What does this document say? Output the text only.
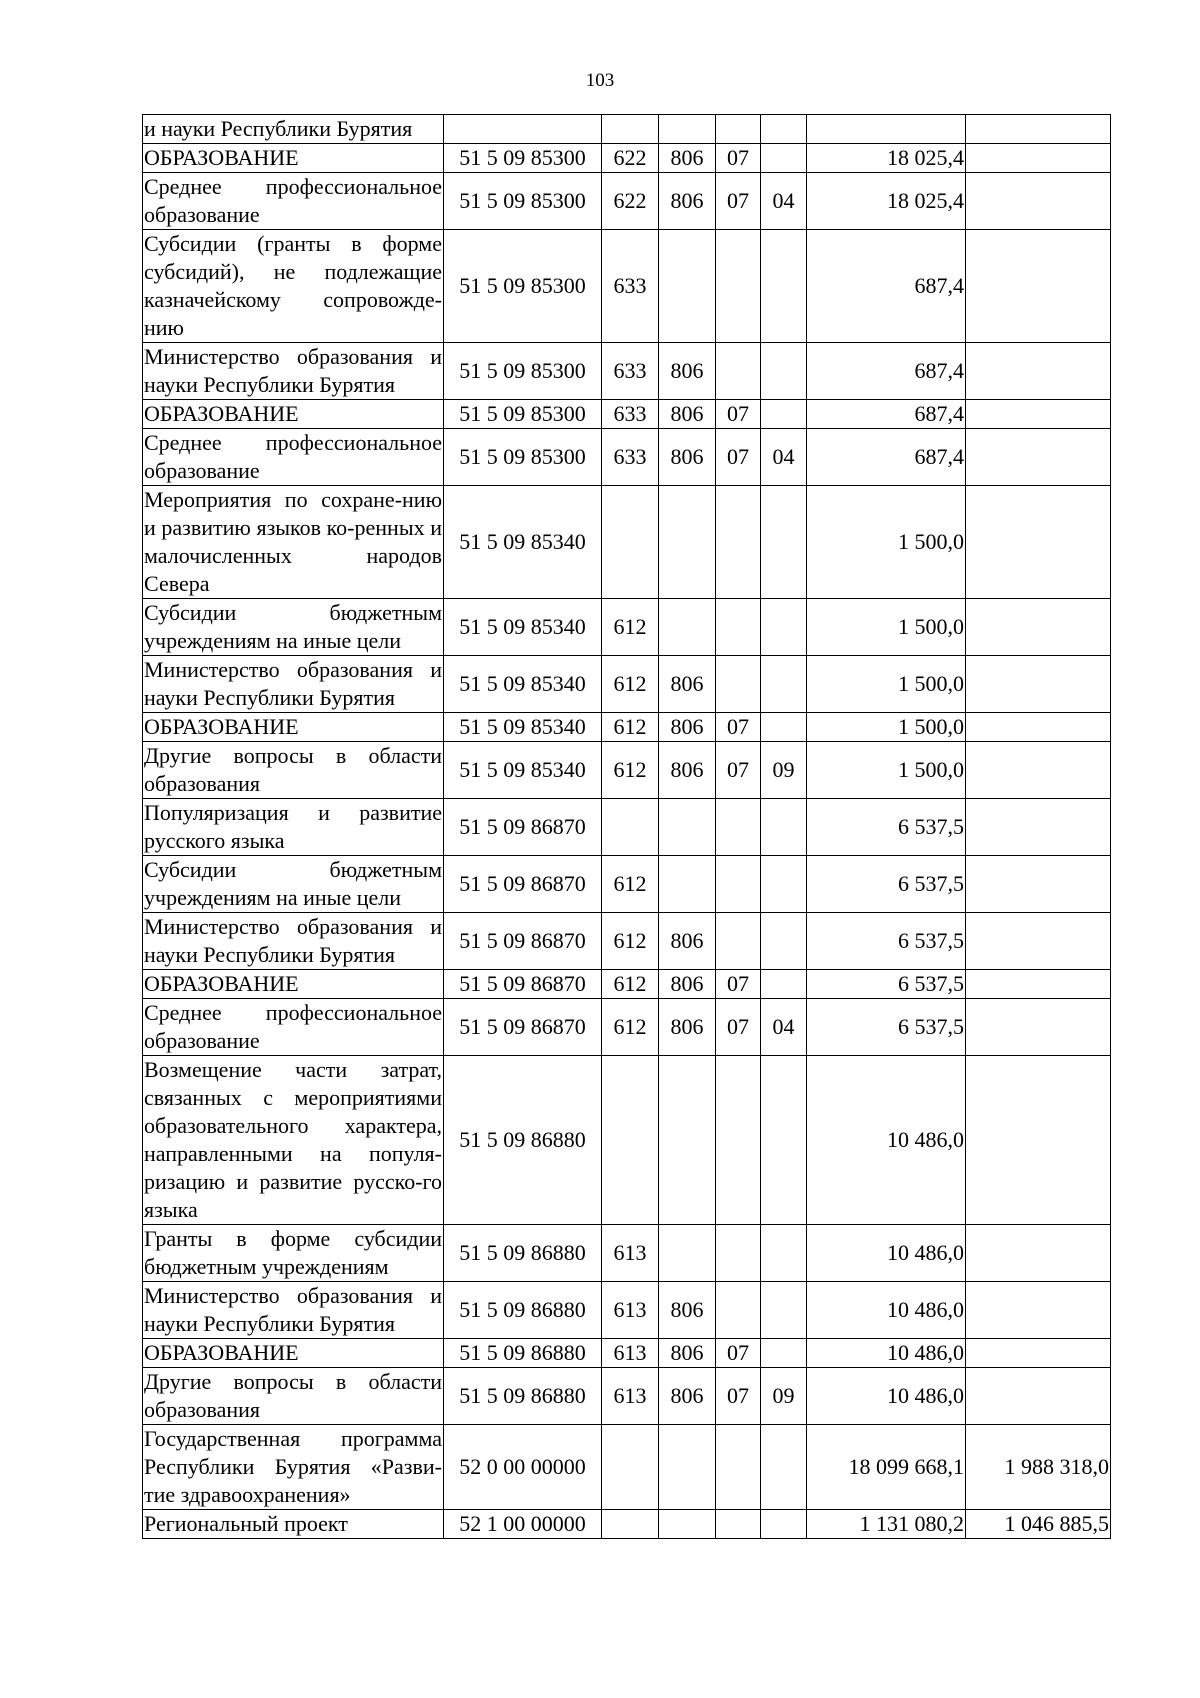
103
и науки Республики Бурятия							
ОБРАЗОВАНИЕ	51 5 09 85300	622	806	07		18 025,4	
Среднее профессиональное образование	51 5 09 85300	622	806	07	04	18 025,4	
Субсидии (гранты в форме субсидий), не подлежащие казначейскому сопровожде-нию	51 5 09 85300	633				687,4	
Министерство образования и науки Республики Бурятия	51 5 09 85300	633	806			687,4	
ОБРАЗОВАНИЕ	51 5 09 85300	633	806	07		687,4	
Среднее профессиональное образование	51 5 09 85300	633	806	07	04	687,4	
Мероприятия по сохране-нию и развитию языков ко-ренных и малочисленных народов Севера	51 5 09 85340					1 500,0	
Субсидии бюджетным учреждениям на иные цели	51 5 09 85340	612				1 500,0	
Министерство образования и науки Республики Бурятия	51 5 09 85340	612	806			1 500,0	
ОБРАЗОВАНИЕ	51 5 09 85340	612	806	07		1 500,0	
Другие вопросы в области образования	51 5 09 85340	612	806	07	09	1 500,0	
Популяризация и развитие русского языка	51 5 09 86870					6 537,5	
Субсидии бюджетным учреждениям на иные цели	51 5 09 86870	612				6 537,5	
Министерство образования и науки Республики Бурятия	51 5 09 86870	612	806			6 537,5	
ОБРАЗОВАНИЕ	51 5 09 86870	612	806	07		6 537,5	
Среднее профессиональное образование	51 5 09 86870	612	806	07	04	6 537,5	
Возмещение части затрат, связанных с мероприятиями образовательного характера, направленными на популя-ризацию и развитие русско-го языка	51 5 09 86880					10 486,0	
Гранты в форме субсидии бюджетным учреждениям	51 5 09 86880	613				10 486,0	
Министерство образования и науки Республики Бурятия	51 5 09 86880	613	806			10 486,0	
ОБРАЗОВАНИЕ	51 5 09 86880	613	806	07		10 486,0	
Другие вопросы в области образования	51 5 09 86880	613	806	07	09	10 486,0	
Государственная программа Республики Бурятия «Разви-тие здравоохранения»	52 0 00 00000					18 099 668,1	1 988 318,0
Региональный проект	52 1 00 00000					1 131 080,2	1 046 885,5
